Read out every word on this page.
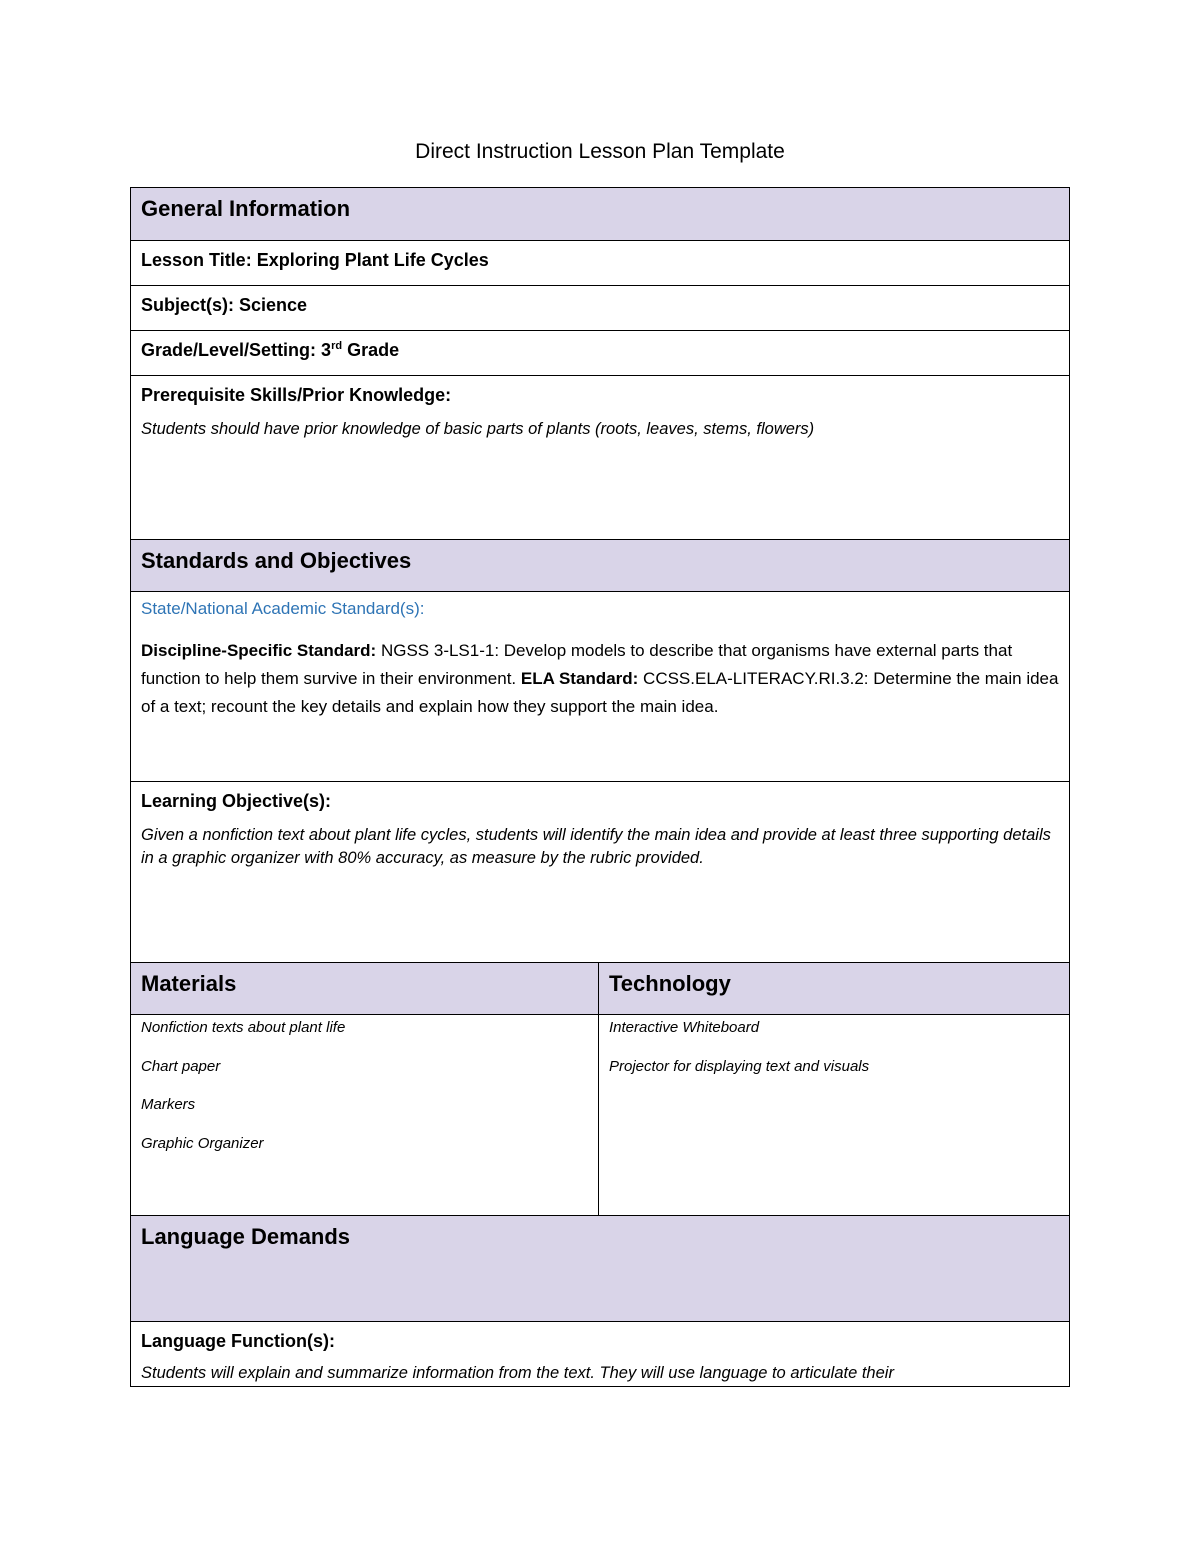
Direct Instruction Lesson Plan Template
General Information
Lesson Title: Exploring Plant Life Cycles
Subject(s): Science
Grade/Level/Setting: 3rd Grade
Prerequisite Skills/Prior Knowledge:
Students should have prior knowledge of basic parts of plants (roots, leaves, stems, flowers)
Standards and Objectives
State/National Academic Standard(s):
Discipline-Specific Standard: NGSS 3-LS1-1: Develop models to describe that organisms have external parts that function to help them survive in their environment. ELA Standard: CCSS.ELA-LITERACY.RI.3.2: Determine the main idea of a text; recount the key details and explain how they support the main idea.
Learning Objective(s):
Given a nonfiction text about plant life cycles, students will identify the main idea and provide at least three supporting details in a graphic organizer with 80% accuracy, as measure by the rubric provided.
Materials
Nonfiction texts about plant life
Chart paper
Markers
Graphic Organizer
Technology
Interactive Whiteboard
Projector for displaying text and visuals
Language Demands
Language Function(s):
Students will explain and summarize information from the text. They will use language to articulate their
